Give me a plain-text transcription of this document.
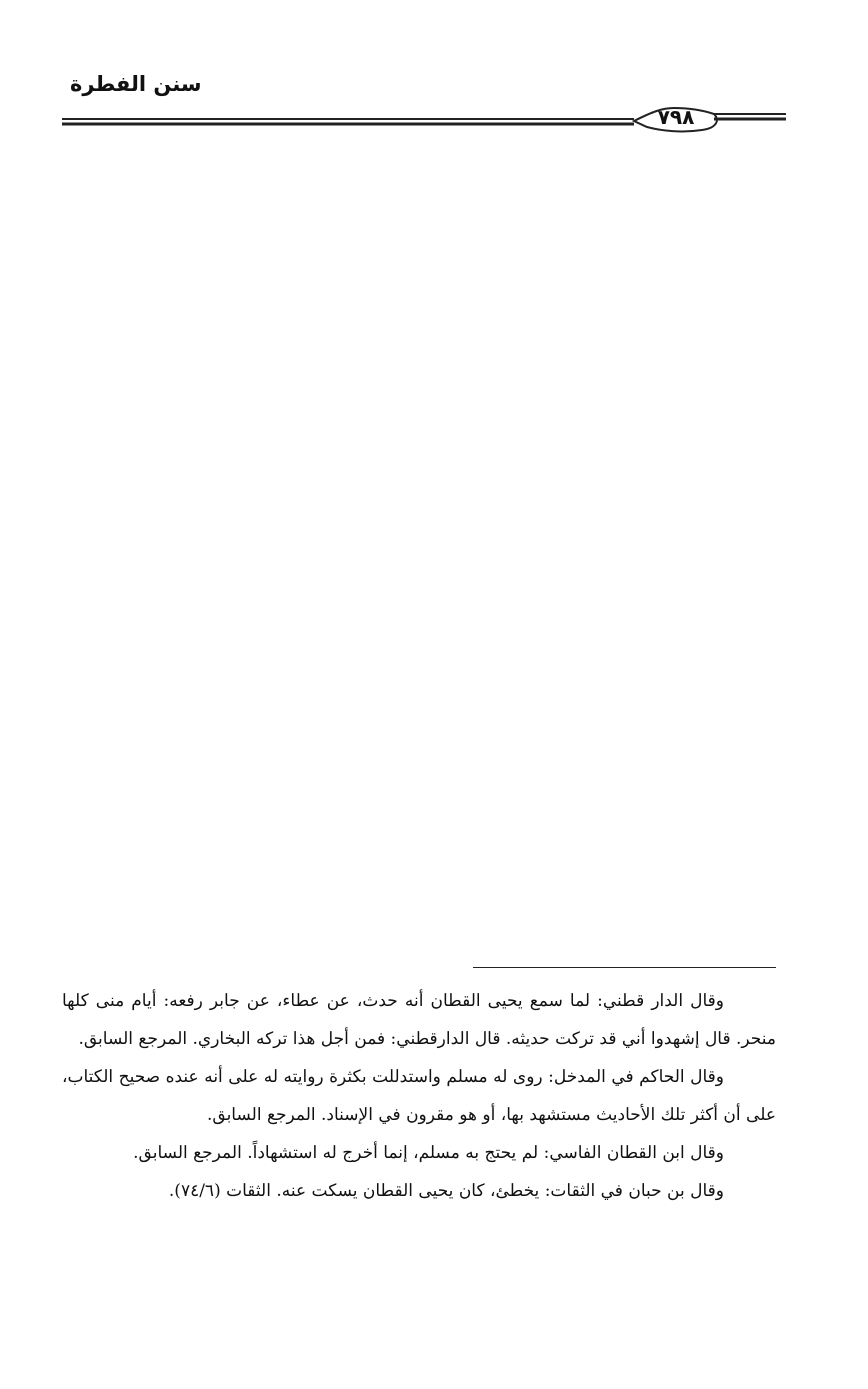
سنن الفطرة
٧٩٨

وقال الدار قطني: لما سمع يحيى القطان أنه حدث، عن عطاء، عن جابر رفعه: أيام منى كلها منحر. قال إشهدوا أني قد تركت حديثه. قال الدارقطني: فمن أجل هذا تركه البخاري. المرجع السابق.

وقال الحاكم في المدخل: روى له مسلم واستدللت بكثرة روايته له على أنه عنده صحيح الكتاب، على أن أكثر تلك الأحاديث مستشهد بها، أو هو مقرون في الإسناد. المرجع السابق.

وقال ابن القطان الفاسي: لم يحتج به مسلم، إنما أخرج له استشهاداً. المرجع السابق.

وقال بن حبان في الثقات: يخطئ، كان يحيى القطان يسكت عنه. الثقات (٧٤/٦).
